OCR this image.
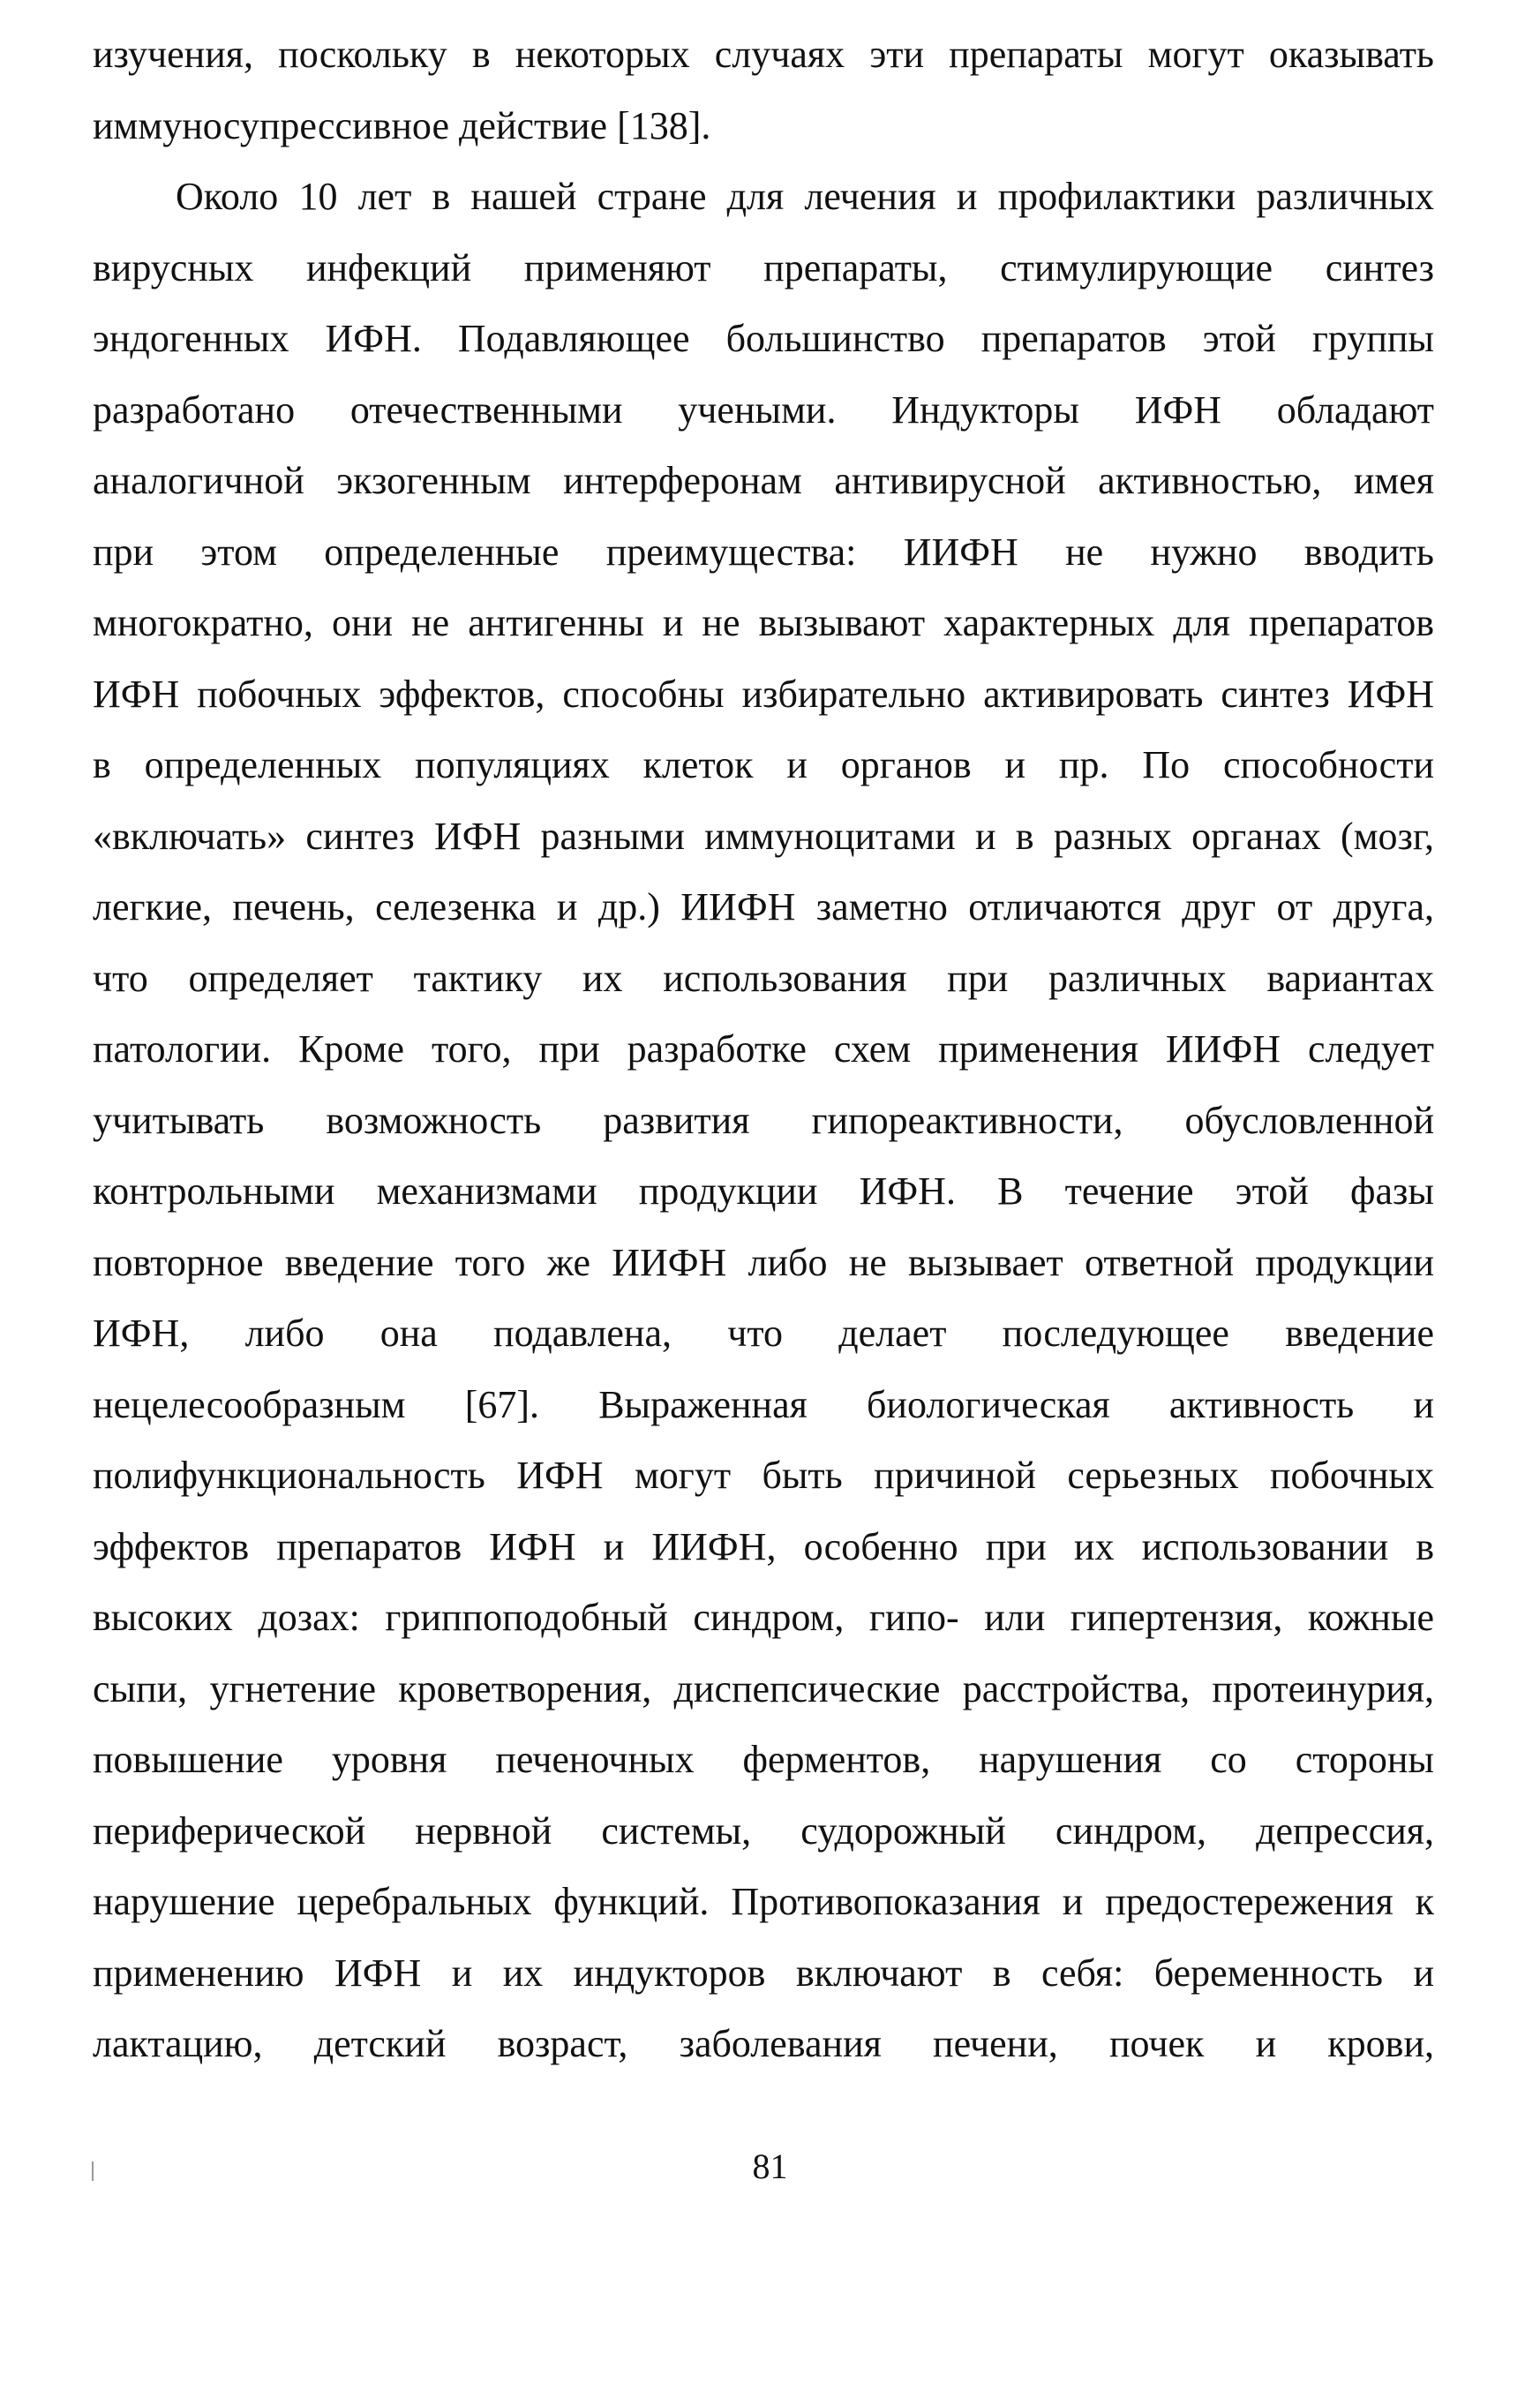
изучения, поскольку в некоторых случаях эти препараты могут оказывать
иммуносупрессивное действие [138].
Около 10 лет в нашей стране для лечения и профилактики различных
вирусных инфекций применяют препараты, стимулирующие синтез
эндогенных ИФН. Подавляющее большинство препаратов этой группы
разработано отечественными учеными. Индукторы ИФН обладают
аналогичной экзогенным интерферонам антивирусной активностью, имея
при этом определенные преимущества: ИИФН не нужно вводить
многократно, они не антигенны и не вызывают характерных для препаратов
ИФН побочных эффектов, способны избирательно активировать синтез ИФН
в определенных популяциях клеток и органов и пр. По способности
«включать» синтез ИФН разными иммуноцитами и в разных органах (мозг,
легкие, печень, селезенка и др.) ИИФН заметно отличаются друг от друга,
что определяет тактику их использования при различных вариантах
патологии. Кроме того, при разработке схем применения ИИФН следует
учитывать возможность развития гипореактивности, обусловленной
контрольными механизмами продукции ИФН. В течение этой фазы
повторное введение того же ИИФН либо не вызывает ответной продукции
ИФН, либо она подавлена, что делает последующее введение
нецелесообразным [67]. Выраженная биологическая активность и
полифункциональность ИФН могут быть причиной серьезных побочных
эффектов препаратов ИФН и ИИФН, особенно при их использовании в
высоких дозах: гриппоподобный синдром, гипо- или гипертензия, кожные
сыпи, угнетение кроветворения, диспепсические расстройства, протеинурия,
повышение уровня печеночных ферментов, нарушения со стороны
периферической нервной системы, судорожный синдром, депрессия,
нарушение церебральных функций. Противопоказания и предостережения к
применению ИФН и их индукторов включают в себя: беременность и
лактацию, детский возраст, заболевания печени, почек и крови,
81
